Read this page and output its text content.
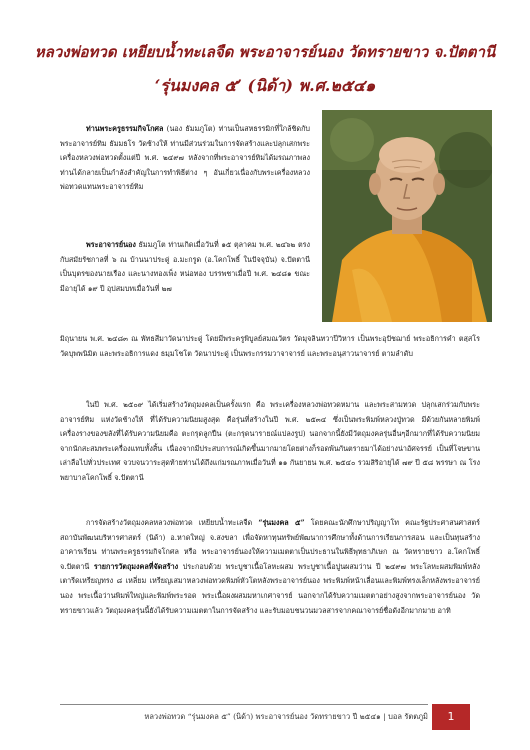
หลวงพ่อทวด เหยียบน้ำทะเลจืด พระอาจารย์นอง วัดทรายขาว จ.ปัตตานี
‘รุ่นมงคล ๕’ (นิด้า) พ.ศ.๒๕๔๑

ท่านพระครูธรรมกิจโกศล (นอง ธัมมภูโต) ท่านเป็นสหธรรมิกที่ใกล้ชิดกับพระอาจารย์ทิม ธัมมธโร วัดช้างให้ ท่านมีส่วนร่วมในการจัดสร้างและปลุกเสกพระเครื่องหลวงพ่อทวดตั้งแต่ปี พ.ศ. ๒๔๙๗ หลังจากที่พระอาจารย์ทิมได้มรณภาพลง ท่านได้กลายเป็นกำลังสำคัญในการทำพิธีต่าง ๆ อันเกี่ยวเนื่องกับพระเครื่องหลวงพ่อทวดแทนพระอาจารย์ทิม

พระอาจารย์นอง ธัมมภูโต ท่านเกิดเมื่อวันที่ ๑๕ ตุลาคม พ.ศ. ๒๔๖๒ ตรงกับสมัยรัชกาลที่ ๖ ณ บ้านนาประดู่ อ.มะกรูด (อ.โคกโพธิ์ ในปัจจุบัน) จ.ปัตตานี เป็นบุตรของนายเรือง และนางทองเพ็ง หน่อทอง บรรพชาเมื่อปี พ.ศ. ๒๔๘๑ ขณะมีอายุได้ ๑๙ ปี อุปสมบทเมื่อวันที่ ๒๗

มิถุนายน พ.ศ. ๒๔๘๓ ณ พัทธสีมาวัดนาประดู่ โดยมีพระครูพิบูลย์สมณวัตร วัดมุจลินทวาปีวิหาร เป็นพระอุปัชฌาย์ พระอธิการคำ ตสฺสโร วัดบุพพนิมิต และพระอธิการแดง ธมฺมโชโต วัดนาประดู่ เป็นพระกรรมวาจาจารย์ และพระอนุสาวนาจารย์ ตามลำดับ

ในปี พ.ศ. ๒๕๐๙ ได้เริ่มสร้างวัตถุมงคลเป็นครั้งแรก คือ พระเครื่องหลวงพ่อทวดหมาน และพระสามทวด ปลุกเสกร่วมกับพระอาจารย์ทิม แห่งวัดช้างให้ ที่ได้รับความนิยมสูงสุด คือรุ่นที่สร้างในปี พ.ศ. ๒๕๓๔ ซึ่งเป็นพระพิมพ์หลวงปู่ทวด มีด้วยกันหลายพิมพ์ เครื่องรางของขลังที่ได้รับความนิยมคือ ตะกรุดลูกปืน (ตะกรุดนารายณ์แปลงรูป) นอกจากนี้ยังมีวัตถุมงคลรุ่นอื่นๆอีกมากที่ได้รับความนิยมจากนักสะสมพระเครื่องแทบทั้งสิ้น เนื่องจากมีประสบการณ์เกิดขึ้นมากมายโดยต่างก็รอดพ้นกันตรายมาได้อย่างน่าอัศจรรย์ เป็นที่โจษขานเล่าลือไปทั่วประเทศ จวบจนวาระสุดท้ายท่านได้ถึงแก่มรณภาพเมื่อวันที่ ๑๑ กันยายน พ.ศ. ๒๕๔๐ รวมสิริอายุได้ ๗๙ ปี ๕๘ พรรษา ณ โรงพยาบาลโคกโพธิ์ จ.ปัตตานี

การจัดสร้างวัตถุมงคลหลวงพ่อทวด เหยียบน้ำทะเลจืด “รุ่นมงคล ๕” โดยคณะนักศึกษาปริญญาโท คณะรัฐประศาสนศาสตร์ สถาบันพัฒนบริหารศาสตร์ (นิด้า) อ.หาดใหญ่ จ.สงขลา เพื่อจัดหาทุนทรัพย์พัฒนาการศึกษาทั้งด้านการเรียนการสอน และเป็นทุนสร้างอาคารเรียน ท่านพระครูธรรมกิจโกศล หรือ พระอาจารย์นองให้ความเมตตาเป็นประธานในพิธีพุทธาภิเษก ณ วัดทรายขาว อ.โคกโพธิ์ จ.ปัตตานี รายการวัตถุมงคลที่จัดสร้าง ประกอบด้วย พระบูชาเนื้อโลหะผสม พระบูชาเนื้อปูนผสมว่าน ปี ๒๔๙๗ พระโลหะผสมพิมพ์หลังเตารีดเหรียญทรง ๘ เหลี่ยม เหรียญเสมาหลวงพ่อทวดพิมพ์หัวโตหลังพระอาจารย์นอง พระพิมพ์หน้าเลื่อนและพิมพ์ทรงเล็กหลังพระอาจารย์นอง พระเนื้อว่านพิมพ์ใหญ่และพิมพ์พระรอด พระเนื้อผงผสมมหาเกศาจารย์ นอกจากได้รับความเมตตาอย่างสูงจากพระอาจารย์นอง วัดทรายขาวแล้ว วัตถุมงคลรุ่นนี้ยังได้รับความเมตตาในการจัดสร้าง และรับมอบชนวนมวลสารจากคณาจารย์ชื่อดังอีกมากมาย อาทิ

หลวงพ่อทวด “รุ่นมงคล ๕” (นิด้า) พระอาจารย์นอง วัดทรายขาว ปี ๒๕๔๑ | บอล รัตตภูมิ	1
